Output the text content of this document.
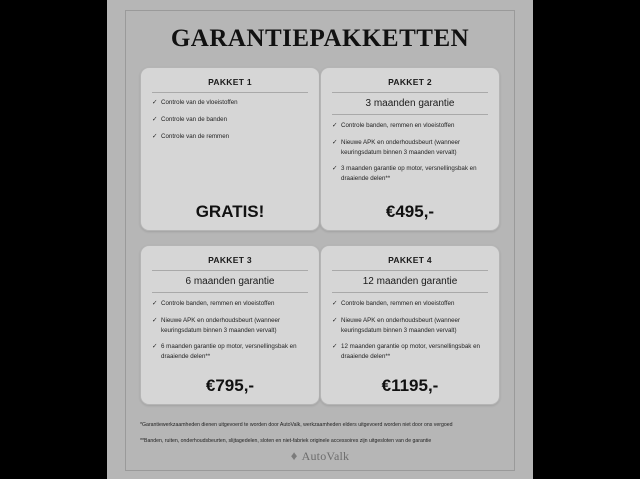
GARANTIEPAKKETTEN
PAKKET 1
✓ Controle van de vloeistoffen
✓ Controle van de banden
✓ Controle van de remmen
GRATIS!
PAKKET 2
3 maanden garantie
✓ Controle banden, remmen en vloeistoffen
✓ Nieuwe APK en onderhoudsbeurt (wanneer keuringsdatum binnen 3 maanden vervalt)
✓ 3 maanden garantie op motor, versnellingsbak en draaiende delen**
€495,-
PAKKET 3
6 maanden garantie
✓ Controle banden, remmen en vloeistoffen
✓ Nieuwe APK en onderhoudsbeurt (wanneer keuringsdatum binnen 3 maanden vervalt)
✓ 6 maanden garantie op motor, versnellingsbak en draaiende delen**
€795,-
PAKKET 4
12 maanden garantie
✓ Controle banden, remmen en vloeistoffen
✓ Nieuwe APK en onderhoudsbeurt (wanneer keuringsdatum binnen 3 maanden vervalt)
✓ 12 maanden garantie op motor, versnellingsbak en draaiende delen**
€1195,-

*Garantiewerkzaamheden dienen uitgevoerd te worden door AutoValk, werkzaamheden elders uitgevoerd worden niet door ons vergoed

**Banden, ruiten, onderhoudsbeurten, slijtagedelen, sloten en niet-fabriek originele accessoires zijn uitgesloten van de garantie

♦ AutoValk
